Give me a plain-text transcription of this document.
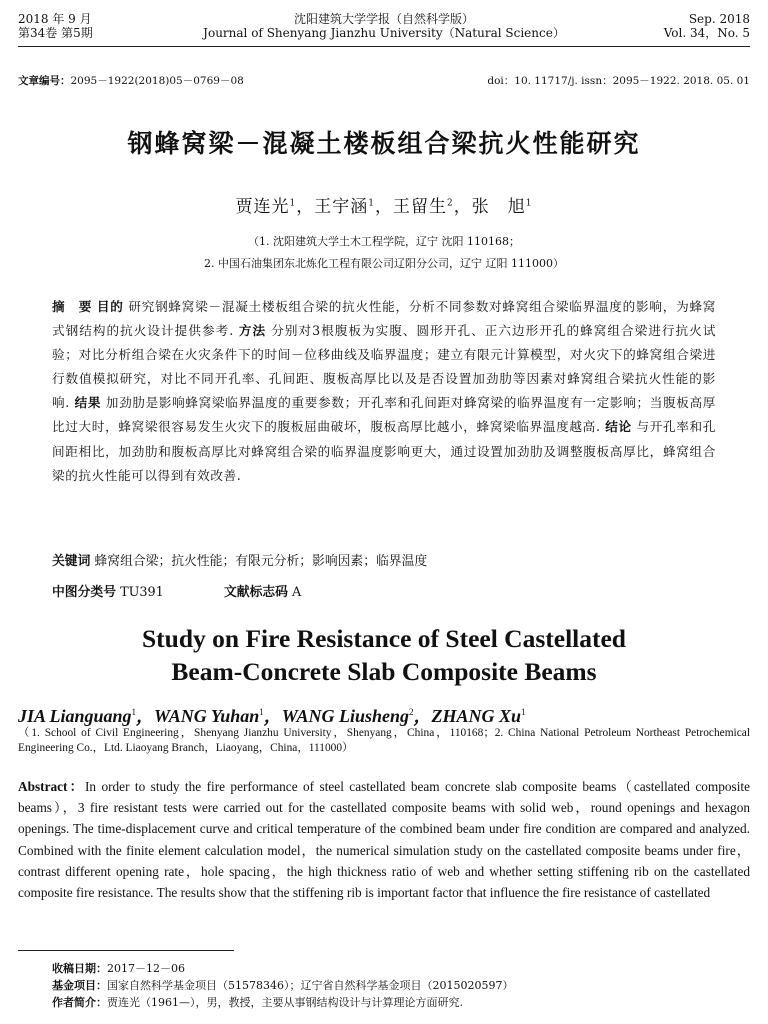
2018 年 9 月
第34卷 第5期
沈阳建筑大学学报（自然科学版）
Journal of Shenyang Jianzhu University（Natural Science）
Sep. 2018
Vol. 34，No. 5
文章编号：2095－1922(2018)05－0769－08	doi：10. 11717/j. issn：2095－1922. 2018. 05. 01
钢蜂窝梁－混凝土楼板组合梁抗火性能研究
贾连光$^1$，王宇涵$^1$，王留生$^2$，张　旭$^1$
（1. 沈阳建筑大学土木工程学院，辽宁 沈阳 110168；
2. 中国石油集团东北炼化工程有限公司辽阳分公司，辽宁 辽阳 111000）
摘　要 目的 研究钢蜂窝梁－混凝土楼板组合梁的抗火性能，分析不同参数对蜂窝组合梁临界温度的影响，为蜂窝式钢结构的抗火设计提供参考. 方法 分别对3根腹板为实腹、圆形开孔、正六边形开孔的蜂窝组合梁进行抗火试验；对比分析组合梁在火灾条件下的时间－位移曲线及临界温度；建立有限元计算模型，对火灾下的蜂窝组合梁进行数值模拟研究，对比不同开孔率、孔间距、腹板高厚比以及是否设置加劲肋等因素对蜂窝组合梁抗火性能的影响. 结果 加劲肋是影响蜂窝梁临界温度的重要参数；开孔率和孔间距对蜂窝梁的临界温度有一定影响；当腹板高厚比过大时，蜂窝梁很容易发生火灾下的腹板屈曲破坏，腹板高厚比越小，蜂窝梁临界温度越高. 结论 与开孔率和孔间距相比，加劲肋和腹板高厚比对蜂窝组合梁的临界温度影响更大，通过设置加劲肋及调整腹板高厚比，蜂窝组合梁的抗火性能可以得到有效改善.
关键词 蜂窝组合梁；抗火性能；有限元分析；影响因素；临界温度
中图分类号 TU391	文献标志码 A
Study on Fire Resistance of Steel Castellated
Beam-Concrete Slab Composite Beams
JIA Lianguang$^1$，WANG Yuhan$^1$，WANG Liusheng$^2$，ZHANG Xu$^1$
（1. School of Civil Engineering，Shenyang Jianzhu University，Shenyang，China，110168；2. China National Petroleum Northeast Petrochemical Engineering Co.，Ltd. Liaoyang Branch，Liaoyang，China，111000）
Abstract：In order to study the fire performance of steel castellated beam concrete slab composite beams（castellated composite beams），3 fire resistant tests were carried out for the castellated composite beams with solid web，round openings and hexagon openings. The time-displacement curve and critical temperature of the combined beam under fire condition are compared and analyzed. Combined with the finite element calculation model，the numerical simulation study on the castellated composite beams under fire，contrast different opening rate，hole spacing，the high thickness ratio of web and whether setting stiffening rib on the castellated composite fire resistance. The results show that the stiffening rib is important factor that influence the fire resistance of castellated
收稿日期：2017－12－06
基金项目：国家自然科学基金项目（51578346）；辽宁省自然科学基金项目（2015020597）
作者简介：贾连光（1961—），男，教授，主要从事钢结构设计与计算理论方面研究.
